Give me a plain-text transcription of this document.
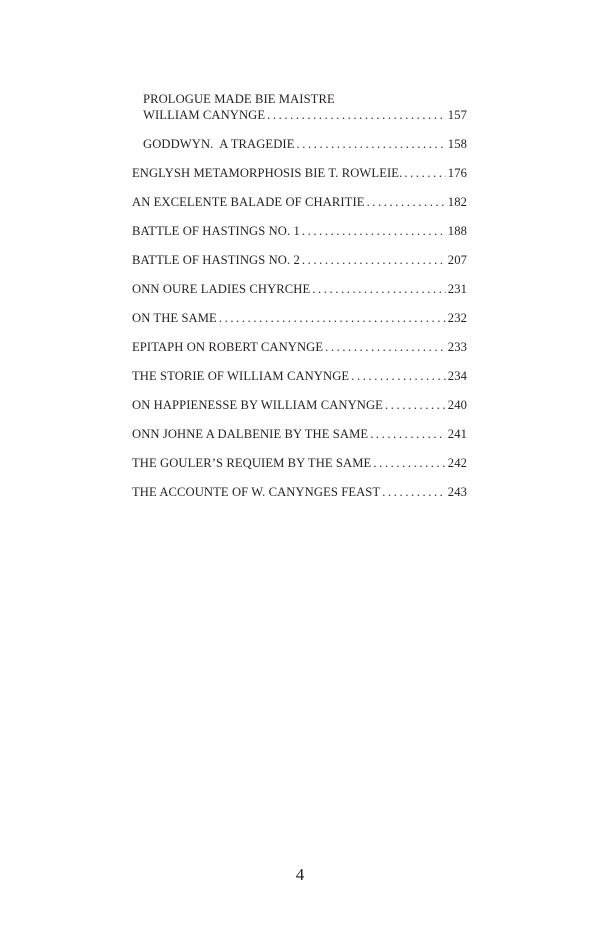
PROLOGUE MADE BIE MAISTRE
WILLIAM CANYNGE .....	157
GODDWYN.  A TRAGEDIE .....	158
ENGLYSH METAMORPHOSIS BIE T. ROWLEIE. .....	176
AN EXCELENTE BALADE OF CHARITIE .....	182
BATTLE OF HASTINGS NO. 1 .....	188
BATTLE OF HASTINGS NO. 2 .....	207
ONN OURE LADIES CHYRCHE .....	231
ON THE SAME .....	232
EPITAPH ON ROBERT CANYNGE .....	233
THE STORIE OF WILLIAM CANYNGE .....	234
ON HAPPIENESSE BY WILLIAM CANYNGE .....	240
ONN JOHNE A DALBENIE BY THE SAME .....	241
THE GOULER’S REQUIEM BY THE SAME .....	242
THE ACCOUNTE OF W. CANYNGES FEAST .....	243
4
